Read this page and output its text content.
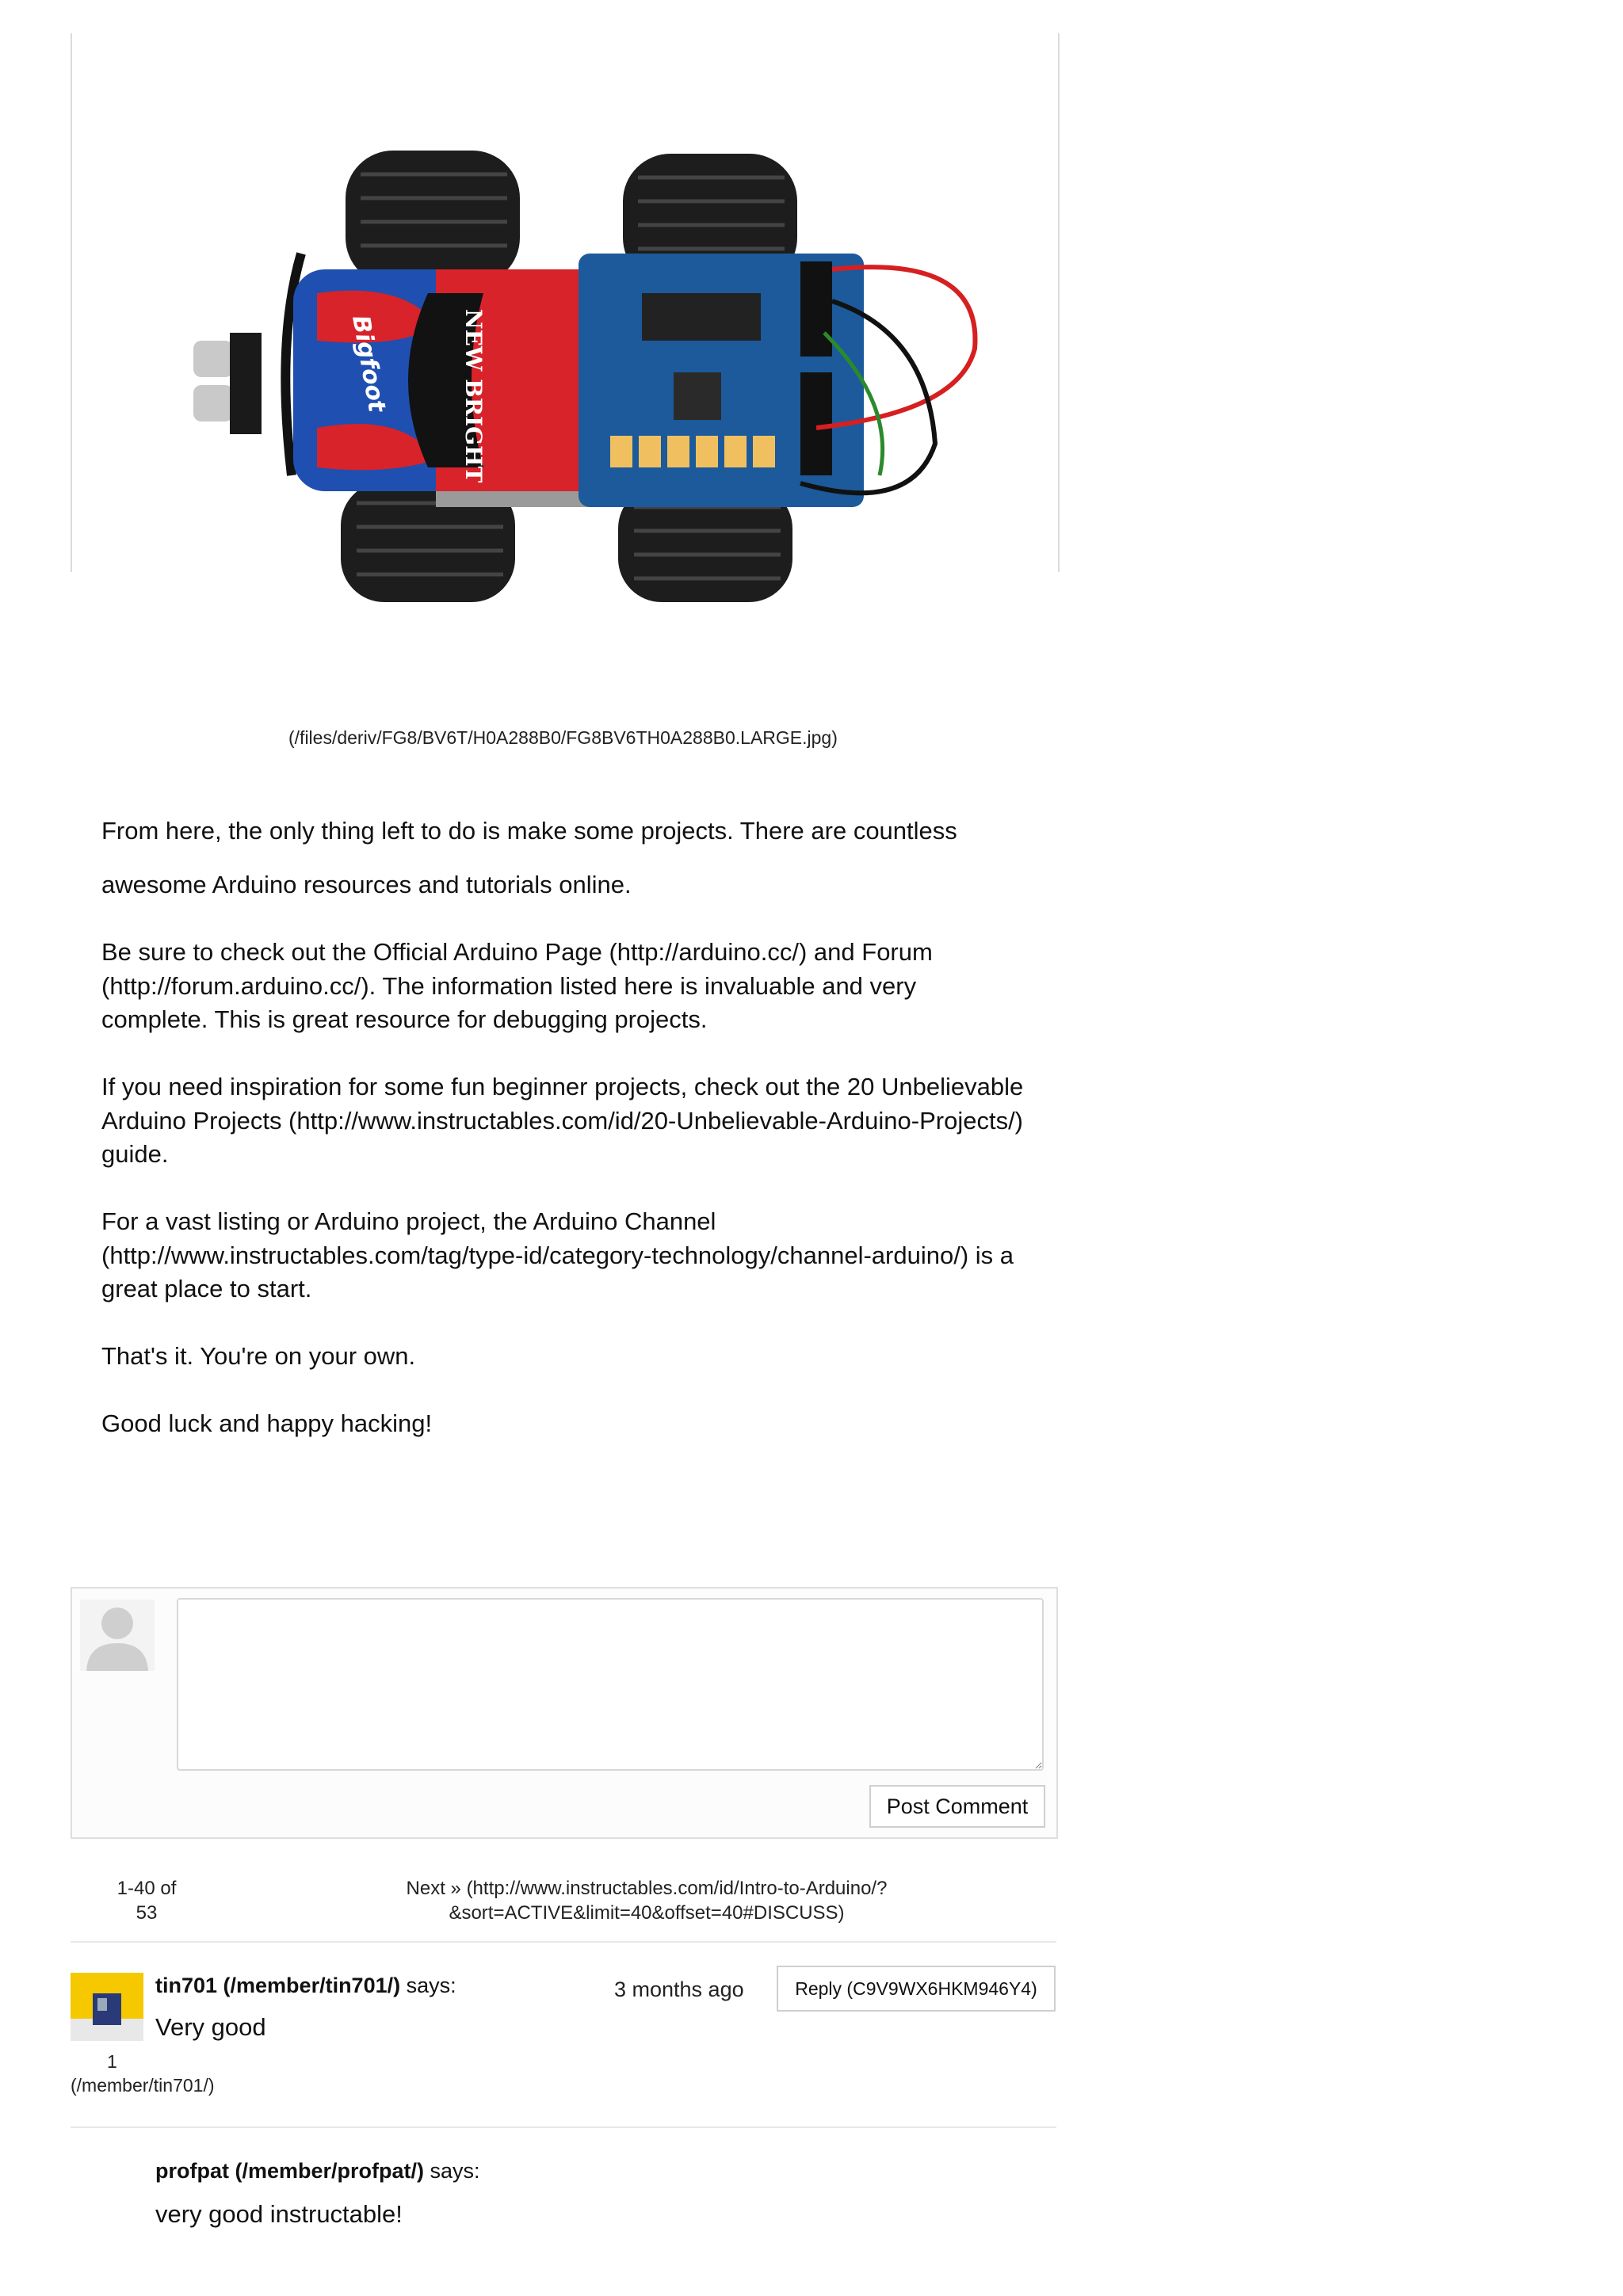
NEW BRIGHT
Bigfoot
(/files/deriv/FG8/BV6T/H0A288B0/FG8BV6TH0A288B0.LARGE.jpg)
From here, the only thing left to do is make some projects. There are countless

awesome Arduino resources and tutorials online.

Be sure to check out the Official Arduino Page (http://arduino.cc/) and Forum (http://forum.arduino.cc/). The information listed here is invaluable and very complete. This is great resource for debugging projects.

If you need inspiration for some fun beginner projects, check out the 20 Unbelievable Arduino Projects (http://www.instructables.com/id/20-Unbelievable-Arduino-Projects/) guide.

For a vast listing or Arduino project, the Arduino Channel (http://www.instructables.com/tag/type-id/category-technology/channel-arduino/) is a great place to start.

That's it. You're on your own.

Good luck and happy hacking!

Post Comment
1-40 of
53
Next » (http://www.instructables.com/id/Intro-to-Arduino/?
&sort=ACTIVE&limit=40&offset=40#DISCUSS)
1
(/member/tin701/)
tin701 (/member/tin701/) says:
Very good
3 months ago	Reply (C9V9WX6HKM946Y4)
profpat (/member/profpat/) says:
very good instructable!
